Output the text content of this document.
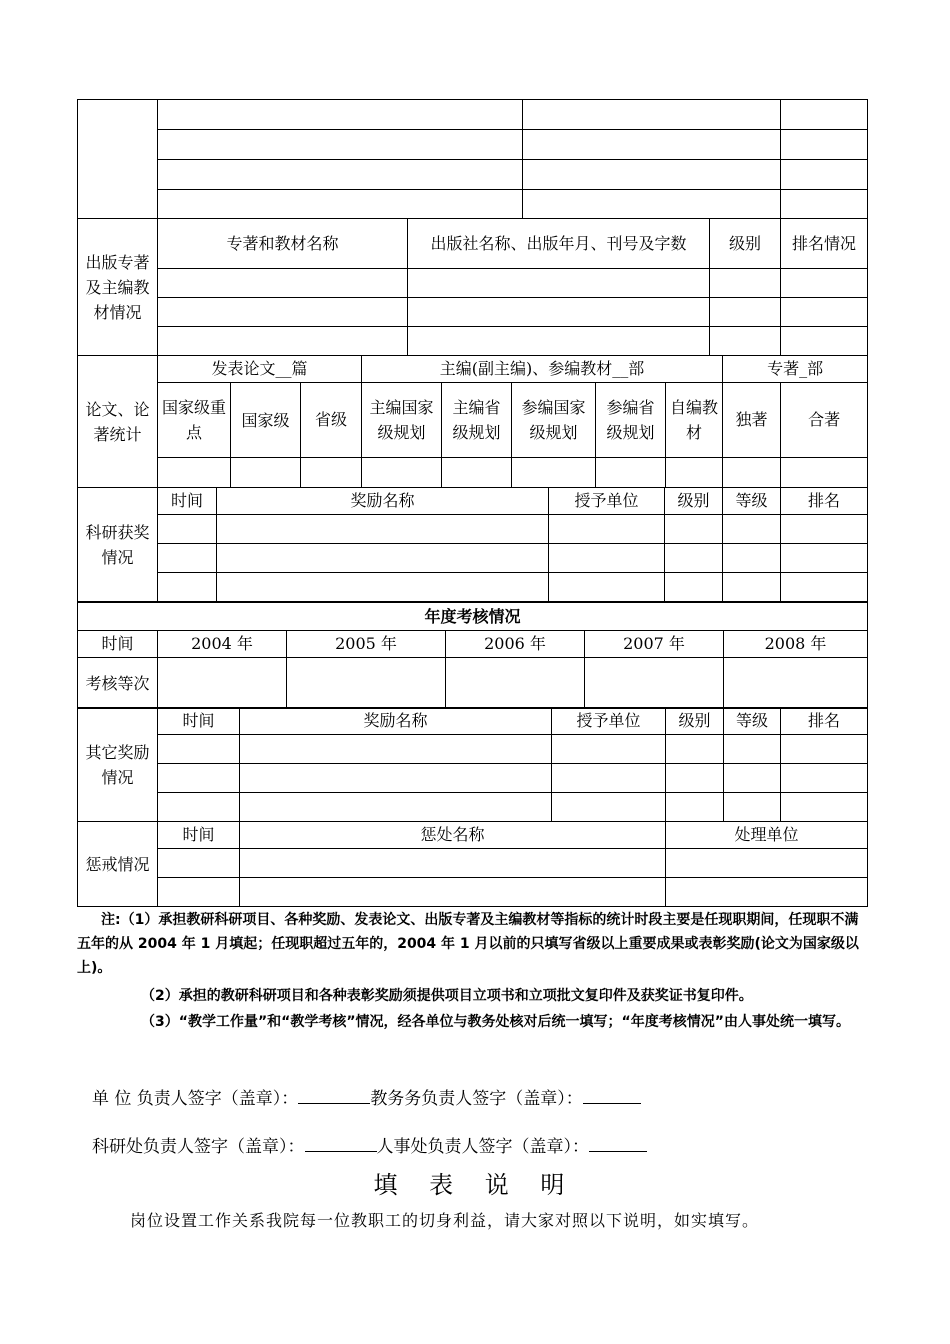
出版专著及主编教材情况	专著和教材名称	出版社名称、出版年月、刊号及字数	级别	排名情况

论文、论著统计	发表论文__篇			主编(副主编)、参编教材__部					专著_部	
	国家级重点	国家级	省级	主编国家级规划	主编省级规划	参编国家级规划	参编省级规划	自编教材	独著	合著

科研获奖情况	时间	奖励名称	授予单位	级别	等级	排名

年度考核情况					
时间	2004 年	2005 年	2006 年	2007 年	2008 年
考核等次					
其它奖励情况	时间	奖励名称	授予单位	级别	等级	排名

惩戒情况	时间	惩处名称	处理单位

注:（1）承担教研科研项目、各种奖励、发表论文、出版专著及主编教材等指标的统计时段主要是任现职期间，任现职不满五年的从 2004 年 1 月填起；任现职超过五年的，2004 年 1 月以前的只填写省级以上重要成果或表彰奖励(论文为国家级以上)。
（2）承担的教研科研项目和各种表彰奖励须提供项目立项书和立项批文复印件及获奖证书复印件。
（3）“教学工作量”和“教学考核”情况，经各单位与教务处核对后统一填写；“年度考核情况”由人事处统一填写。
单 位 负责人签字（盖章）：	教务务负责人签字（盖章）：
科研处负责人签字（盖章）：	人事处负责人签字（盖章）：
填 表 说 明
岗位设置工作关系我院每一位教职工的切身利益，请大家对照以下说明，如实填写。
